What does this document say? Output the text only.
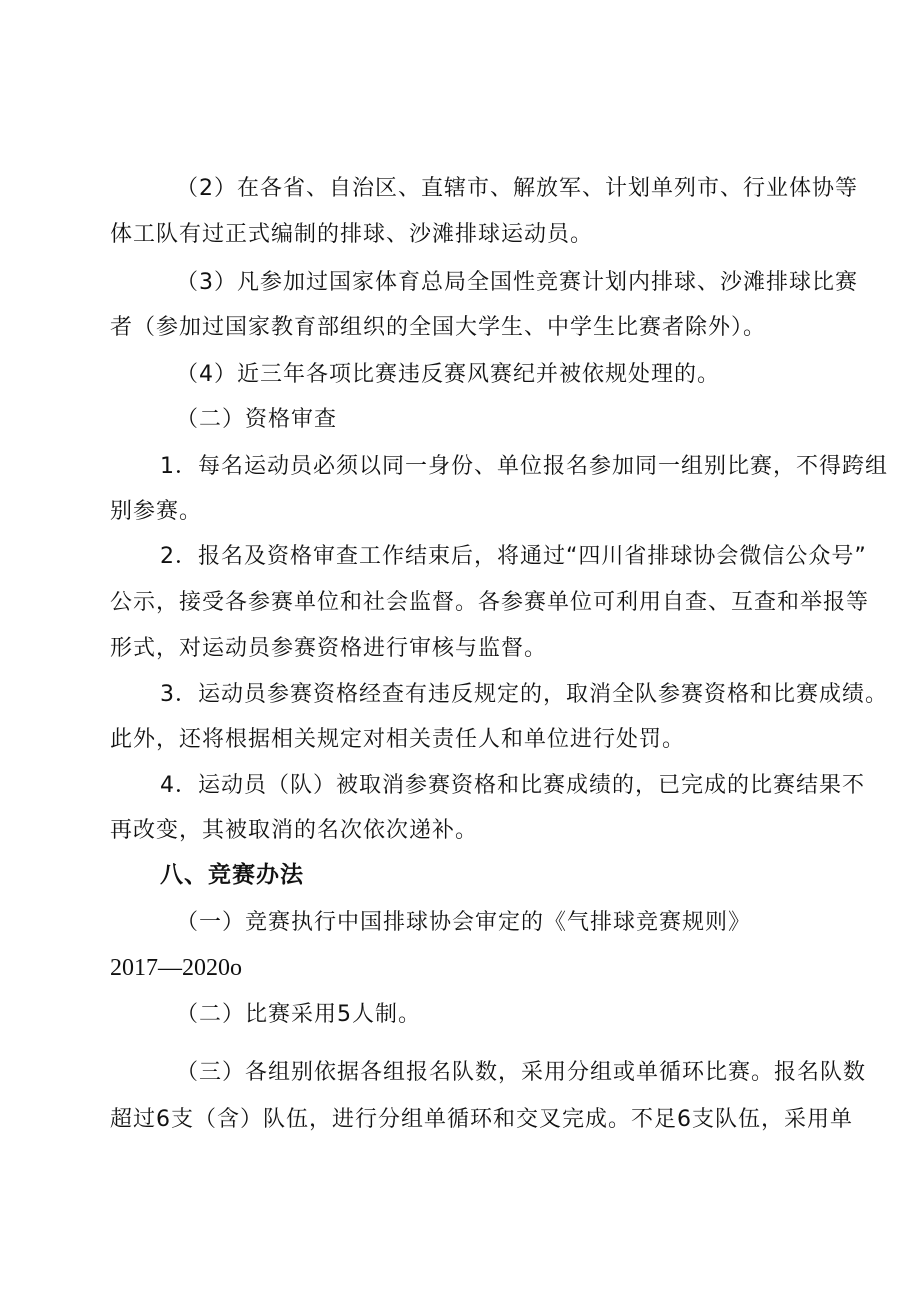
（2）在各省、自治区、直辖市、解放军、计划单列市、行业体协等
体工队有过正式编制的排球、沙滩排球运动员。
（3）凡参加过国家体育总局全国性竞赛计划内排球、沙滩排球比赛
者（参加过国家教育部组织的全国大学生、中学生比赛者除外）。
（4）近三年各项比赛违反赛风赛纪并被依规处理的。
（二）资格审查
1．每名运动员必须以同一身份、单位报名参加同一组别比赛，不得跨组
别参赛。
2．报名及资格审查工作结束后，将通过“四川省排球协会微信公众号”
公示，接受各参赛单位和社会监督。各参赛单位可利用自查、互查和举报等
形式，对运动员参赛资格进行审核与监督。
3．运动员参赛资格经查有违反规定的，取消全队参赛资格和比赛成绩。
此外，还将根据相关规定对相关责任人和单位进行处罚。
4．运动员（队）被取消参赛资格和比赛成绩的，已完成的比赛结果不
再改变，其被取消的名次依次递补。
八、竞赛办法
（一）竞赛执行中国排球协会审定的《气排球竞赛规则》
2017—2020o
（二）比赛采用5人制。
（三）各组别依据各组报名队数，采用分组或单循环比赛。报名队数
超过6支（含）队伍，进行分组单循环和交叉完成。不足6支队伍，采用单
